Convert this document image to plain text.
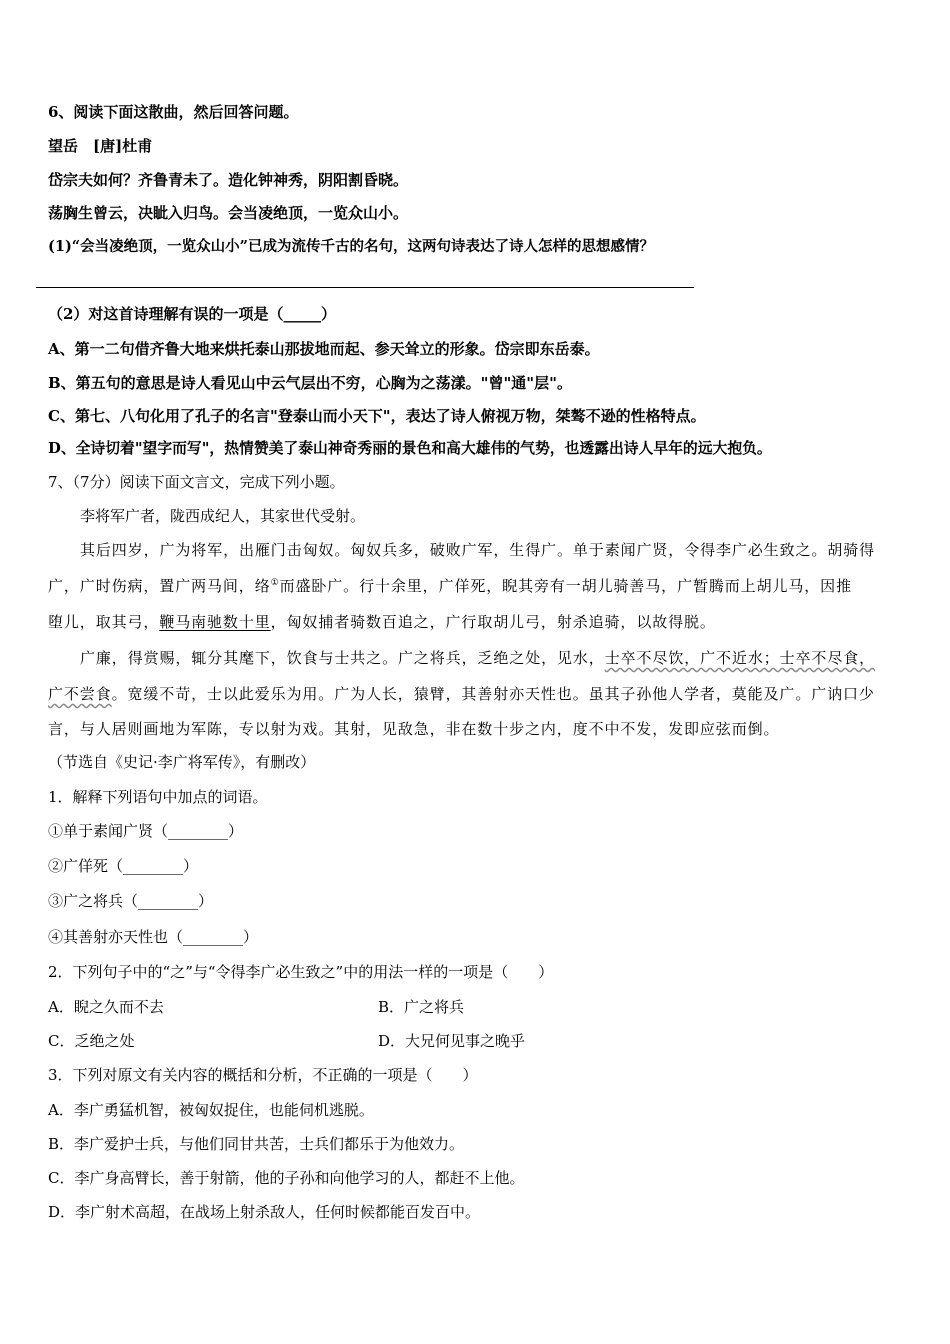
6、阅读下面这散曲，然后回答问题。
望岳　[唐]杜甫
岱宗夫如何？齐鲁青未了。造化钟神秀，阴阳割昏晓。
荡胸生曾云，决眦入归鸟。会当凌绝顶，一览众山小。
(1)“会当凌绝顶，一览众山小”已成为流传千古的名句，这两句诗表达了诗人怎样的思想感情？
（2）对这首诗理解有误的一项是（_____）
A、第一二句借齐鲁大地来烘托泰山那拔地而起、参天耸立的形象。岱宗即东岳泰。
B、第五句的意思是诗人看见山中云气层出不穷，心胸为之荡漾。"曾"通"层"。
C、第七、八句化用了孔子的名言"登泰山而小天下"，表达了诗人俯视万物，桀骜不逊的性格特点。
D、全诗切着"望字而写"，热情赞美了泰山神奇秀丽的景色和高大雄伟的气势，也透露出诗人早年的远大抱负。
7、（7分）阅读下面文言文，完成下列小题。
李将军广者，陇西成纪人，其家世代受射。
其后四岁，广为将军，出雁门击匈奴。匈奴兵多，破败广军，生得广。单于素闻广贤，令得李广必生致之。胡骑得
广，广时伤病，置广两马间，络①而盛卧广。行十余里，广佯死，睨其旁有一胡儿骑善马，广暂腾而上胡儿马，因推
堕儿，取其弓，鞭马南驰数十里，匈奴捕者骑数百追之，广行取胡儿弓，射杀追骑，以故得脱。
广廉，得赏赐，辄分其麾下，饮食与士共之。广之将兵，乏绝之处，见水，士卒不尽饮，广不近水；士卒不尽食，
广不尝食。宽缓不苛，士以此爱乐为用。广为人长，猿臂，其善射亦天性也。虽其子孙他人学者，莫能及广。广讷口少
言，与人居则画地为军陈，专以射为戏。其射，见敌急，非在数十步之内，度不中不发，发即应弦而倒。
（节选自《史记·李广将军传》，有删改）
1．解释下列语句中加点的词语。
①单于素闻广贤（________）
②广佯死（________）
③广之将兵（________）
④其善射亦天性也（________）
2．下列句子中的“之”与“令得李广必生致之”中的用法一样的一项是（　　）
A．睨之久而不去	B．广之将兵
C．乏绝之处	D．大兄何见事之晚乎
3．下列对原文有关内容的概括和分析，不正确的一项是（　　）
A．李广勇猛机智，被匈奴捉住，也能伺机逃脱。
B．李广爱护士兵，与他们同甘共苦，士兵们都乐于为他效力。
C．李广身高臂长，善于射箭，他的子孙和向他学习的人，都赶不上他。
D．李广射术高超，在战场上射杀敌人，任何时候都能百发百中。
